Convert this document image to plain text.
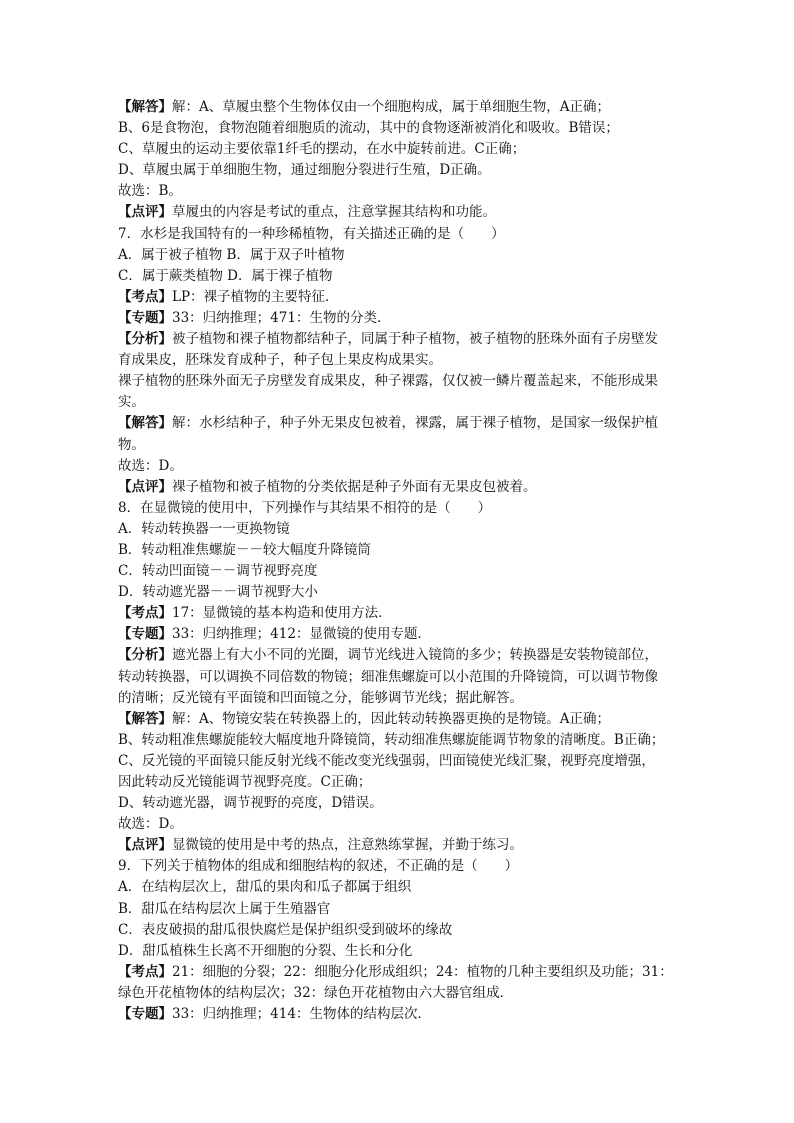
【解答】解：A、草履虫整个生物体仅由一个细胞构成，属于单细胞生物，A正确；
B、6是食物泡，食物泡随着细胞质的流动，其中的食物逐渐被消化和吸收。B错误；
C、草履虫的运动主要依靠1纤毛的摆动，在水中旋转前进。C正确；
D、草履虫属于单细胞生物，通过细胞分裂进行生殖，D正确。
故选：B。
【点评】草履虫的内容是考试的重点，注意掌握其结构和功能。
7．水杉是我国特有的一种珍稀植物，有关描述正确的是（　　）
A．属于被子植物 B．属于双子叶植物
C．属于蕨类植物 D．属于裸子植物
【考点】LP：裸子植物的主要特征．
【专题】33：归纳推理；471：生物的分类．
【分析】被子植物和裸子植物都结种子，同属于种子植物，被子植物的胚珠外面有子房壁发
育成果皮，胚珠发育成种子，种子包上果皮构成果实。
裸子植物的胚珠外面无子房壁发育成果皮，种子裸露，仅仅被一鳞片覆盖起来，不能形成果
实。
【解答】解：水杉结种子，种子外无果皮包被着，裸露，属于裸子植物，是国家一级保护植
物。
故选：D。
【点评】裸子植物和被子植物的分类依据是种子外面有无果皮包被着。
8．在显微镜的使用中，下列操作与其结果不相符的是（　　）
A．转动转换器一一更换物镜
B．转动粗准焦螺旋－－较大幅度升降镜筒
C．转动凹面镜－－调节视野亮度
D．转动遮光器－－调节视野大小
【考点】17：显微镜的基本构造和使用方法．
【专题】33：归纳推理；412：显微镜的使用专题．
【分析】遮光器上有大小不同的光圈，调节光线进入镜筒的多少；转换器是安装物镜部位，
转动转换器，可以调换不同倍数的物镜；细准焦螺旋可以小范围的升降镜筒，可以调节物像
的清晰；反光镜有平面镜和凹面镜之分，能够调节光线；据此解答。
【解答】解：A、物镜安装在转换器上的，因此转动转换器更换的是物镜。A正确；
B、转动粗准焦螺旋能较大幅度地升降镜筒，转动细准焦螺旋能调节物象的清晰度。B正确；
C、反光镜的平面镜只能反射光线不能改变光线强弱，凹面镜使光线汇聚，视野亮度增强，
因此转动反光镜能调节视野亮度。C正确；
D、转动遮光器，调节视野的亮度，D错误。
故选：D。
【点评】显微镜的使用是中考的热点，注意熟练掌握，并勤于练习。
9．下列关于植物体的组成和细胞结构的叙述，不正确的是（　　）
A．在结构层次上，甜瓜的果肉和瓜子都属于组织
B．甜瓜在结构层次上属于生殖器官
C．表皮破损的甜瓜很快腐烂是保护组织受到破坏的缘故
D．甜瓜植株生长离不开细胞的分裂、生长和分化
【考点】21：细胞的分裂；22：细胞分化形成组织；24：植物的几种主要组织及功能；31：
绿色开花植物体的结构层次；32：绿色开花植物由六大器官组成．
【专题】33：归纳推理；414：生物体的结构层次．
